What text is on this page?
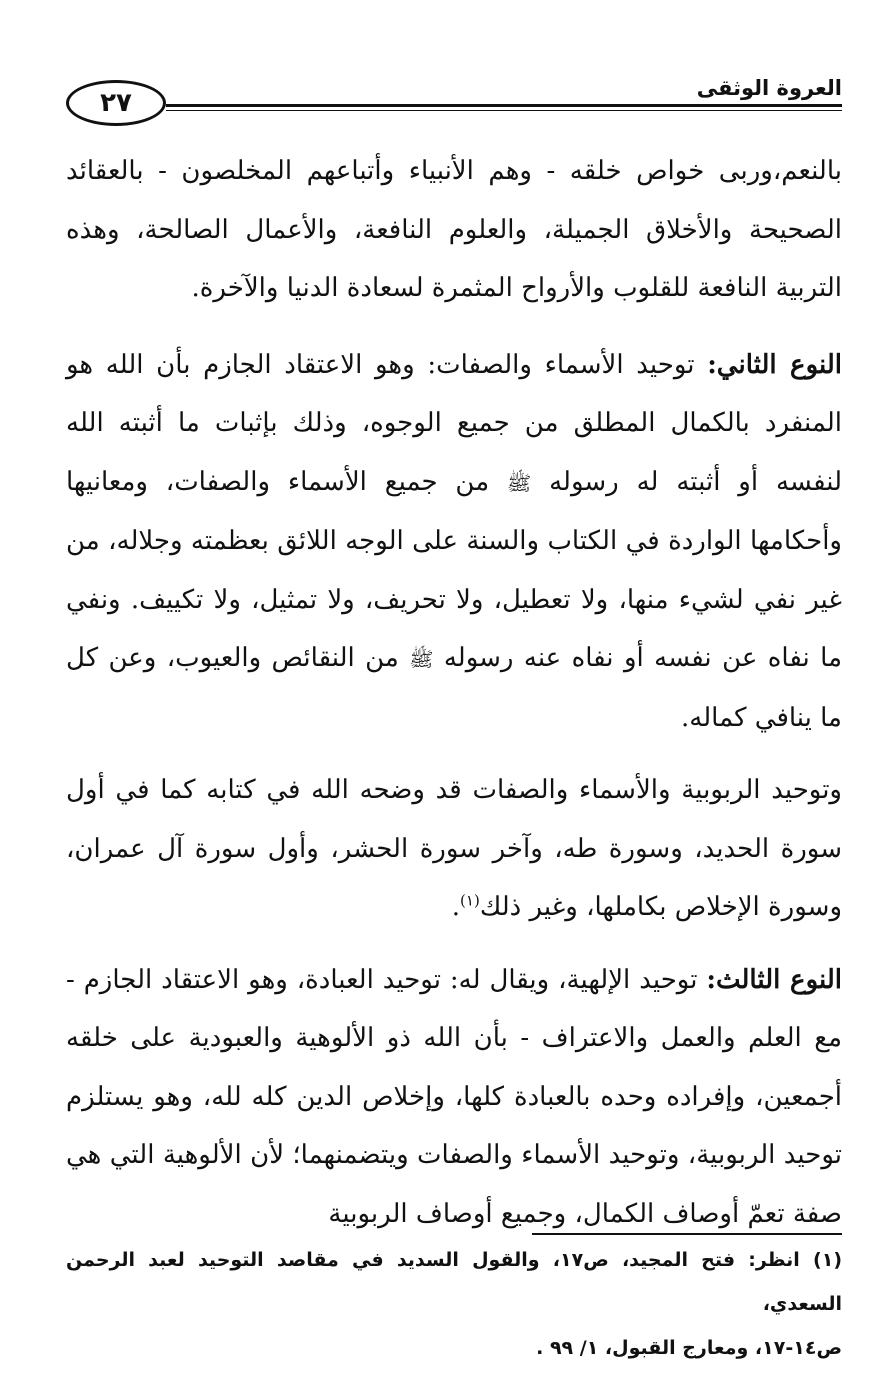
العروة الوثقى
٢٧

بالنعم،وربى خواص خلقه - وهم الأنبياء وأتباعهم المخلصون - بالعقائد الصحيحة والأخلاق الجميلة، والعلوم النافعة، والأعمال الصالحة، وهذه التربية النافعة للقلوب والأرواح المثمرة لسعادة الدنيا والآخرة.

النوع الثاني: توحيد الأسماء والصفات: وهو الاعتقاد الجازم بأن الله هو المنفرد بالكمال المطلق من جميع الوجوه، وذلك بإثبات ما أثبته الله لنفسه أو أثبته له رسوله ﷺ من جميع الأسماء والصفات، ومعانيها وأحكامها الواردة في الكتاب والسنة على الوجه اللائق بعظمته وجلاله، من غير نفي لشيء منها، ولا تعطيل، ولا تحريف، ولا تمثيل، ولا تكييف. ونفي ما نفاه عن نفسه أو نفاه عنه رسوله ﷺ من النقائص والعيوب، وعن كل ما ينافي كماله.

وتوحيد الربوبية والأسماء والصفات قد وضحه الله في كتابه كما في أول سورة الحديد، وسورة طه، وآخر سورة الحشر، وأول سورة آل عمران، وسورة الإخلاص بكاملها، وغير ذلك$^{(١)}$.

النوع الثالث: توحيد الإلهية، ويقال له: توحيد العبادة، وهو الاعتقاد الجازم - مع العلم والعمل والاعتراف - بأن الله ذو الألوهية والعبودية على خلقه أجمعين، وإفراده وحده بالعبادة كلها، وإخلاص الدين كله لله، وهو يستلزم توحيد الربوبية، وتوحيد الأسماء والصفات ويتضمنهما؛ لأن الألوهية التي هي صفة تعمّ أوصاف الكمال، وجميع أوصاف الربوبية

(١) انظر: فتح المجيد، ص١٧، والقول السديد في مقاصد التوحيد لعبد الرحمن السعدي،

ص١٤-١٧، ومعارج القبول، ١/ ٩٩ .
